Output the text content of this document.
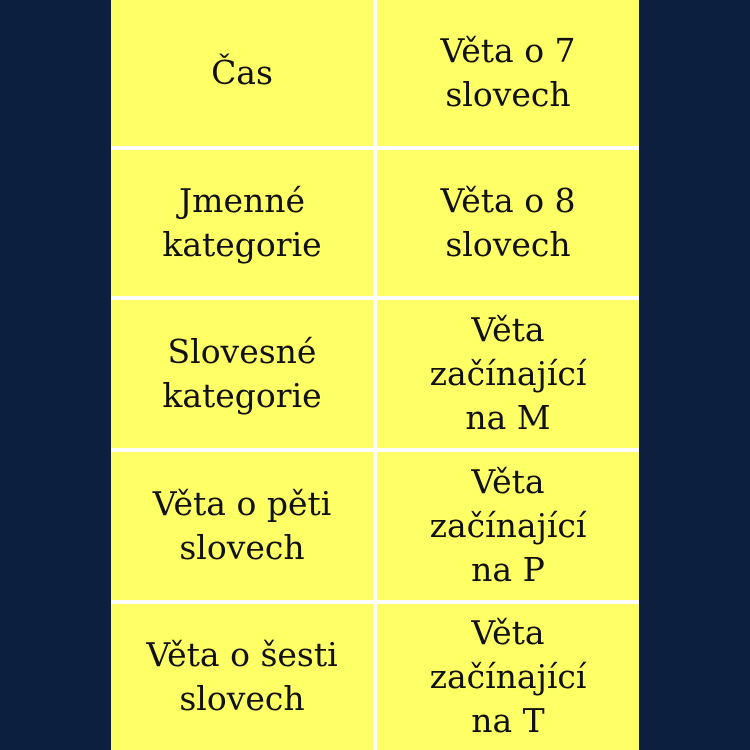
Čas
Věta o 7
slovech
Jmenné
kategorie
Věta o 8
slovech
Slovesné
kategorie
Věta
začínající
na M
Věta o pěti
slovech
Věta
začínající
na P
Věta o šesti
slovech
Věta
začínající
na T
